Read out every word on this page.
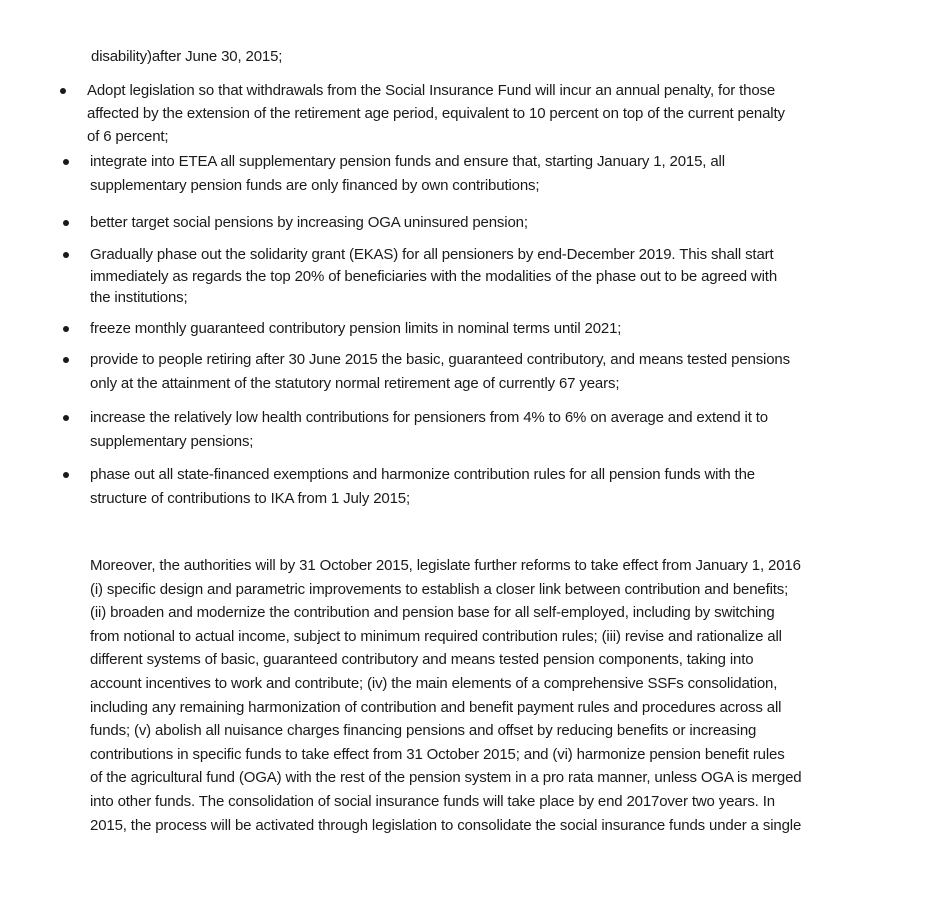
disability)after June 30, 2015;
Adopt legislation so that withdrawals from the Social Insurance Fund will incur an annual penalty, for those
affected by the extension of the retirement age period, equivalent to 10 percent on top of the current penalty
of 6 percent;
integrate into ETEA all supplementary pension funds and ensure that, starting January 1, 2015, all
supplementary pension funds are only financed by own contributions;
better target social pensions by increasing OGA uninsured pension;
Gradually phase out the solidarity grant (EKAS) for all pensioners by end-December 2019. This shall start
immediately as regards the top 20% of beneficiaries with the modalities of the phase out to be agreed with
the institutions;
freeze monthly guaranteed contributory pension limits in nominal terms until 2021;
provide to people retiring after 30 June 2015 the basic, guaranteed contributory, and means tested pensions
only at the attainment of the statutory normal retirement age of currently 67 years;
increase the relatively low health contributions for pensioners from 4% to 6% on average and extend it to
supplementary pensions;
phase out all state-financed exemptions and harmonize contribution rules for all pension funds with the
structure of contributions to IKA from 1 July 2015;
Moreover, the authorities will by 31 October 2015, legislate further reforms to take effect from January 1, 2016
(i) specific design and parametric improvements to establish a closer link between contribution and benefits;
(ii) broaden and modernize the contribution and pension base for all self-employed, including by switching
from notional to actual income, subject to minimum required contribution rules; (iii) revise and rationalize all
different systems of basic, guaranteed contributory and means tested pension components, taking into
account incentives to work and contribute; (iv) the main elements of a comprehensive SSFs consolidation,
including any remaining harmonization of contribution and benefit payment rules and procedures across all
funds; (v) abolish all nuisance charges financing pensions and offset by reducing benefits or increasing
contributions in specific funds to take effect from 31 October 2015; and (vi) harmonize pension benefit rules
of the agricultural fund (OGA) with the rest of the pension system in a pro rata manner, unless OGA is merged
into other funds. The consolidation of social insurance funds will take place by end 2017over two years. In
2015, the process will be activated through legislation to consolidate the social insurance funds under a single
